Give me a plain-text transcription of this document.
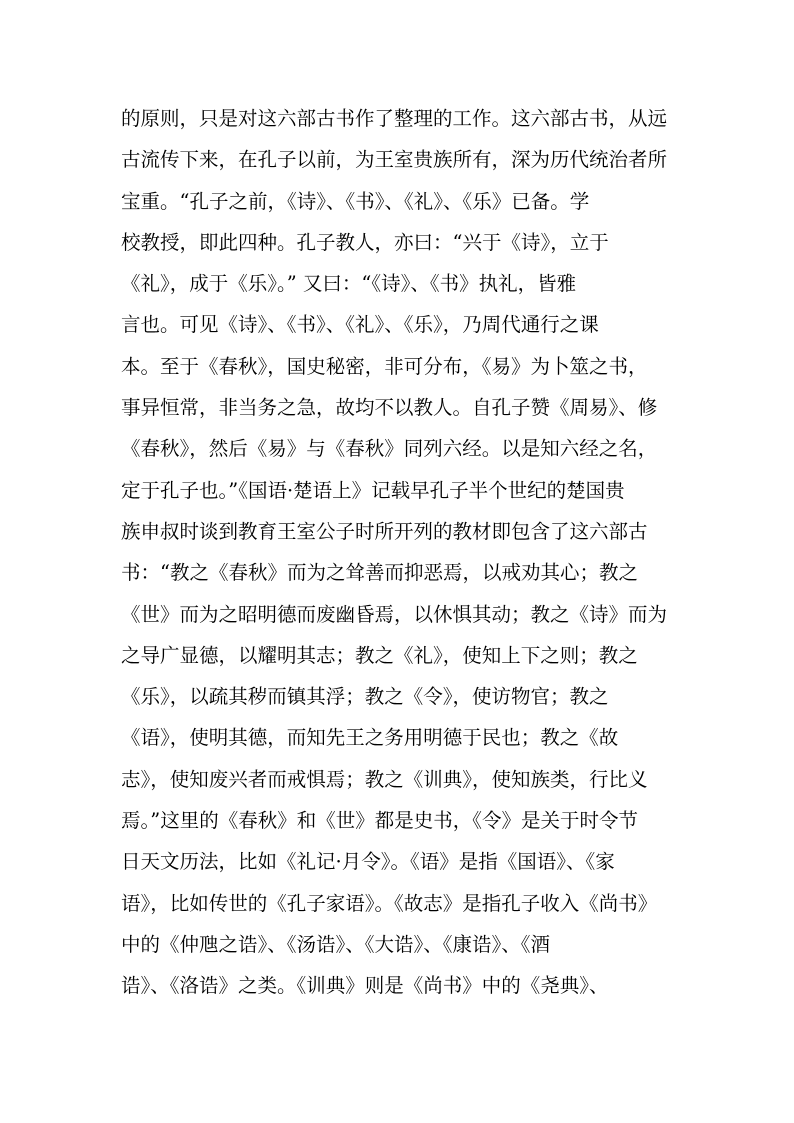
的原则，只是对这六部古书作了整理的工作。这六部古书，从远
古流传下来，在孔子以前，为王室贵族所有，深为历代统治者所
宝重。“孔子之前，《诗》、《书》、《礼》、《乐》已备。学
校教授，即此四种。孔子教人，亦曰：“兴于《诗》，立于
《礼》，成于《乐》。” 又曰：“《诗》、《书》执礼，皆雅
言也。可见《诗》、《书》、《礼》、《乐》，乃周代通行之课
本。至于《春秋》，国史秘密，非可分布，《易》为卜筮之书，
事异恒常，非当务之急，故均不以教人。自孔子赞《周易》、修
《春秋》，然后《易》与《春秋》同列六经。以是知六经之名，
定于孔子也。”《国语·楚语上》记载早孔子半个世纪的楚国贵
族申叔时谈到教育王室公子时所开列的教材即包含了这六部古
书：“教之《春秋》而为之耸善而抑恶焉，以戒劝其心；教之
《世》而为之昭明德而废幽昏焉，以休惧其动；教之《诗》而为
之导广显德，以耀明其志；教之《礼》，使知上下之则；教之
《乐》，以疏其秽而镇其浮；教之《令》，使访物官；教之
《语》，使明其德，而知先王之务用明德于民也；教之《故
志》，使知废兴者而戒惧焉；教之《训典》，使知族类，行比义
焉。”这里的《春秋》和《世》都是史书，《令》是关于时令节
日天文历法，比如《礼记·月令》。《语》是指《国语》、《家
语》，比如传世的《孔子家语》。《故志》是指孔子收入《尚书》
中的《仲虺之诰》、《汤诰》、《大诰》、《康诰》、《酒
诰》、《洛诰》之类。《训典》则是《尚书》中的《尧典》、
